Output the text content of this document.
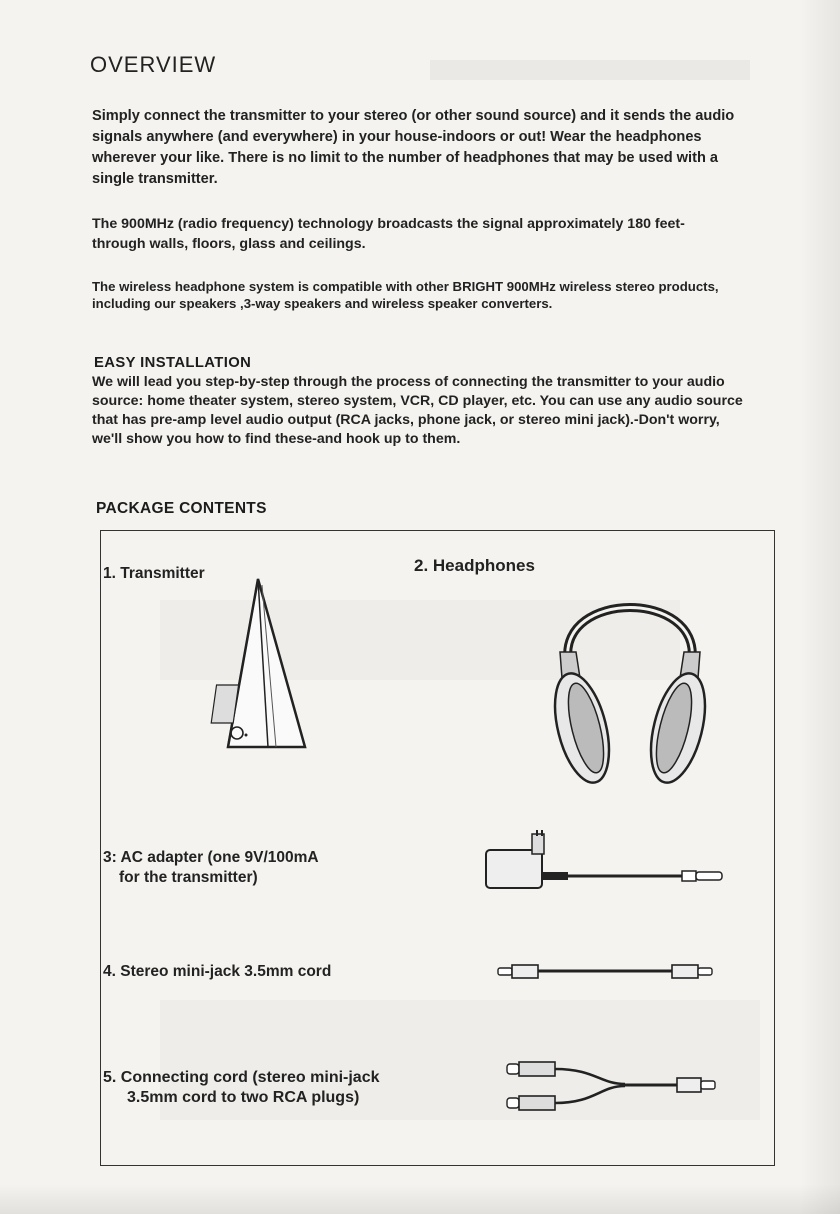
OVERVIEW

Simply connect the transmitter to your stereo (or other sound source) and it sends the audio signals anywhere (and everywhere) in your house-indoors or out! Wear the headphones wherever your like. There is no limit to the number of headphones that may be used with a single transmitter.

The 900MHz (radio frequency) technology broadcasts the signal approximately 180 feet-through walls, floors, glass and ceilings.

The wireless headphone system is compatible with other BRIGHT 900MHz wireless stereo products, including our speakers ,3-way speakers and wireless speaker converters.

EASY INSTALLATION

We will lead you step-by-step through the process of connecting the transmitter to your audio source: home theater system, stereo system, VCR, CD player, etc. You can use any audio source that has pre-amp level audio output (RCA jacks, phone jack, or stereo mini jack).-Don't worry, we'll show you how to find these-and hook up to them.

PACKAGE CONTENTS

1. Transmitter	2. Headphones

3: AC adapter (one 9V/100mA
for the transmitter)

4. Stereo mini-jack 3.5mm cord

5. Connecting cord (stereo mini-jack
3.5mm cord to two RCA plugs)
